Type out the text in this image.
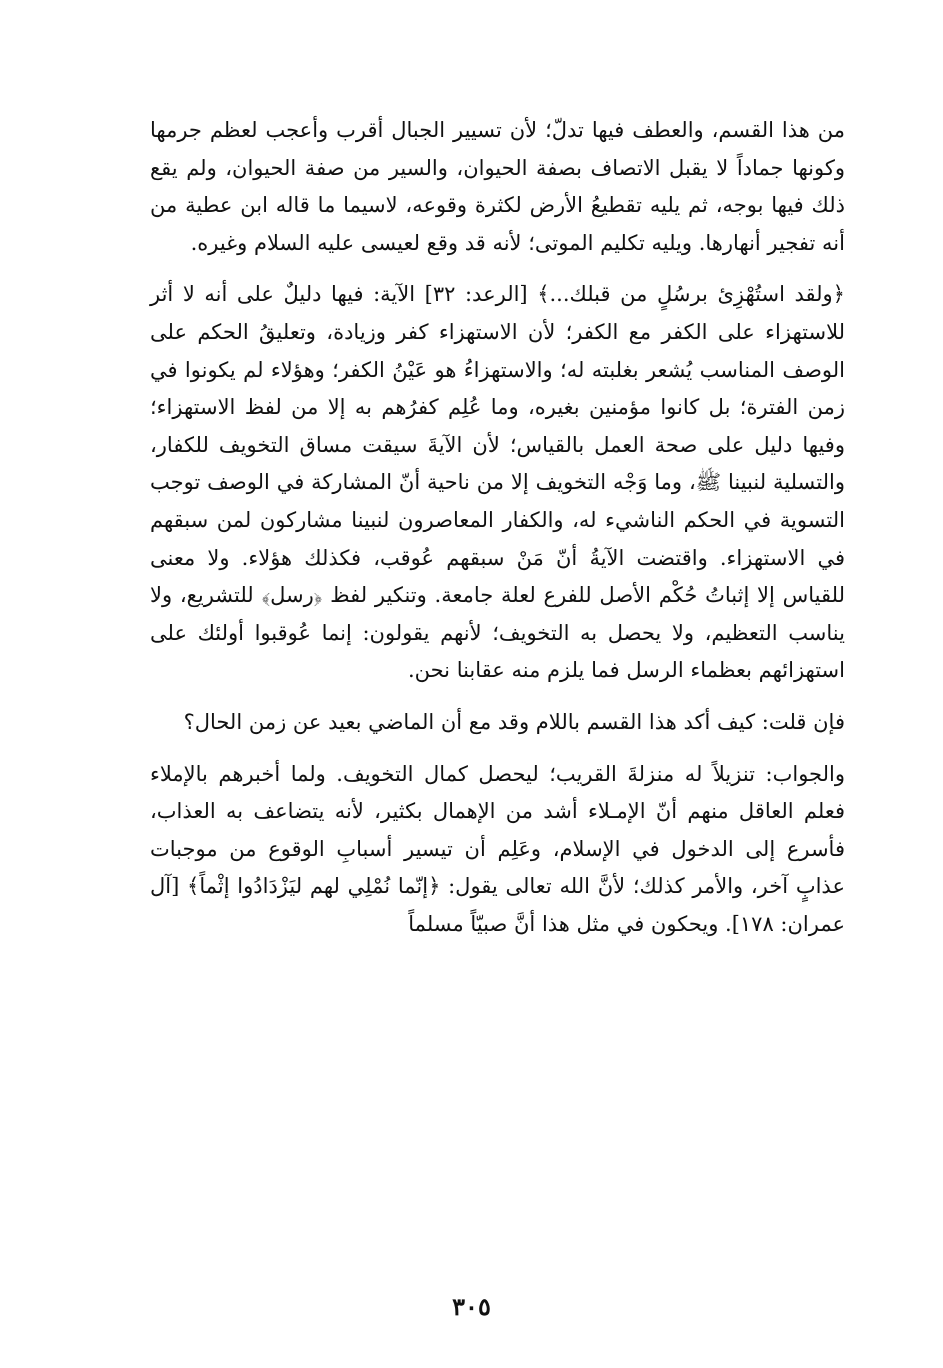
من هذا القسم، والعطف فيها تدلّ؛ لأن تسيير الجبال أقرب وأعجب لعظم جرمها وكونها جماداً لا يقبل الاتصاف بصفة الحيوان، والسير من صفة الحيوان، ولم يقع ذلك فيها بوجه، ثم يليه تقطيعُ الأرض لكثرة وقوعه، لاسيما ما قاله ابن عطية من أنه تفجير أنهارها. ويليه تكليم الموتى؛ لأنه قد وقع لعيسى عليه السلام وغيره.

﴿ولقد استُهْزِئ برسُلٍ من قبلك...﴾ [الرعد: ٣٢] الآية: فيها دليلٌ على أنه لا أثر للاستهزاء على الكفر مع الكفر؛ لأن الاستهزاء كفر وزيادة، وتعليقُ الحكم على الوصف المناسب يُشعر بغلبته له؛ والاستهزاءُ هو عَيْنُ الكفر؛ وهؤلاء لم يكونوا في زمن الفترة؛ بل كانوا مؤمنين بغيره، وما عُلِم كفرُهم به إلا من لفظ الاستهزاء؛ وفيها دليل على صحة العمل بالقياس؛ لأن الآيةَ سيقت مساق التخويف للكفار، والتسلية لنبينا ﷺ، وما وَجْه التخويف إلا من ناحية أنّ المشاركة في الوصف توجب التسوية في الحكم الناشيء له، والكفار المعاصرون لنبينا مشاركون لمن سبقهم في الاستهزاء. واقتضت الآيةُ أنّ مَنْ سبقهم عُوقب، فكذلك هؤلاء. ولا معنى للقياس إلا إثباتُ حُكْم الأصل للفرع لعلة جامعة. وتنكير لفظ ﴿رسل﴾ للتشريع، ولا يناسب التعظيم، ولا يحصل به التخويف؛ لأنهم يقولون: إنما عُوقبوا أولئك على استهزائهم بعظماء الرسل فما يلزم منه عقابنا نحن.

فإن قلت: كيف أكد هذا القسم باللام وقد مع أن الماضي بعيد عن زمن الحال؟

والجواب: تنزيلاً له منزلةَ القريب؛ ليحصل كمال التخويف. ولما أخبرهم بالإملاء فعلم العاقل منهم أنّ الإمـلاء أشد من الإهمال بكثير، لأنه يتضاعف به العذاب، فأسرع إلى الدخول في الإسلام، وعَلِم أن تيسير أسبابِ الوقوع من موجبات عذابٍ آخر، والأمر كذلك؛ لأنَّ الله تعالى يقول: ﴿إنّما نُمْلِي لهم ليَزْدَادُوا إثْماً﴾ [آل عمران: ١٧٨]. ويحكون في مثل هذا أنَّ صبيّاً مسلماً

٣٠٥
